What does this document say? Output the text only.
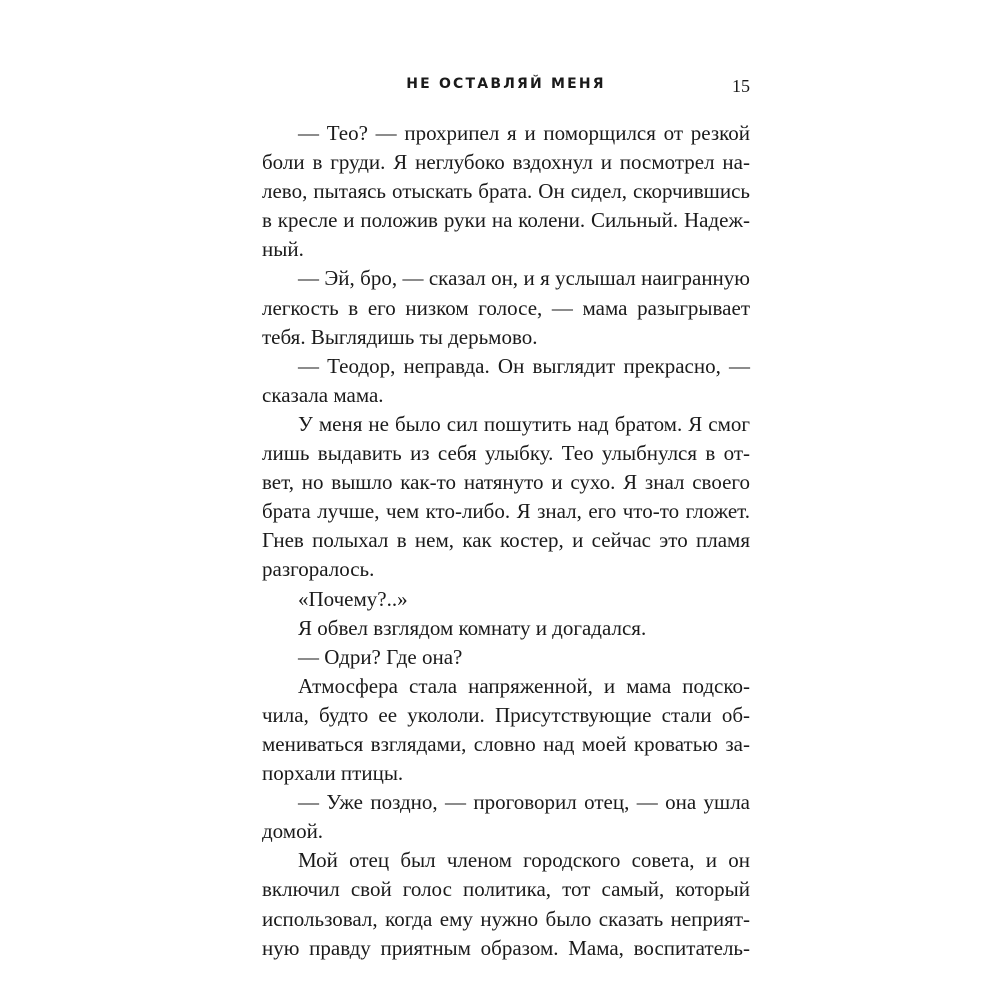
НЕ ОСТАВЛЯЙ МЕНЯ	15
— Тео? — прохрипел я и поморщился от резкой
боли в груди. Я неглубоко вздохнул и посмотрел на-
лево, пытаясь отыскать брата. Он сидел, скорчившись
в кресле и положив руки на колени. Сильный. Надеж-
ный.
— Эй, бро, — сказал он, и я услышал наигранную
легкость в его низком голосе, — мама разыгрывает
тебя. Выглядишь ты дерьмово.
— Теодор, неправда. Он выглядит прекрасно, —
сказала мама.
У меня не было сил пошутить над братом. Я смог
лишь выдавить из себя улыбку. Тео улыбнулся в от-
вет, но вышло как-то натянуто и сухо. Я знал своего
брата лучше, чем кто-либо. Я знал, его что-то гложет.
Гнев полыхал в нем, как костер, и сейчас это пламя
разгоралось.
«Почему?..»
Я обвел взглядом комнату и догадался.
— Одри? Где она?
Атмосфера стала напряженной, и мама подско-
чила, будто ее укололи. Присутствующие стали об-
мениваться взглядами, словно над моей кроватью за-
порхали птицы.
— Уже поздно, — проговорил отец, — она ушла
домой.
Мой отец был членом городского совета, и он
включил свой голос политика, тот самый, который
использовал, когда ему нужно было сказать неприят-
ную правду приятным образом. Мама, воспитатель-
